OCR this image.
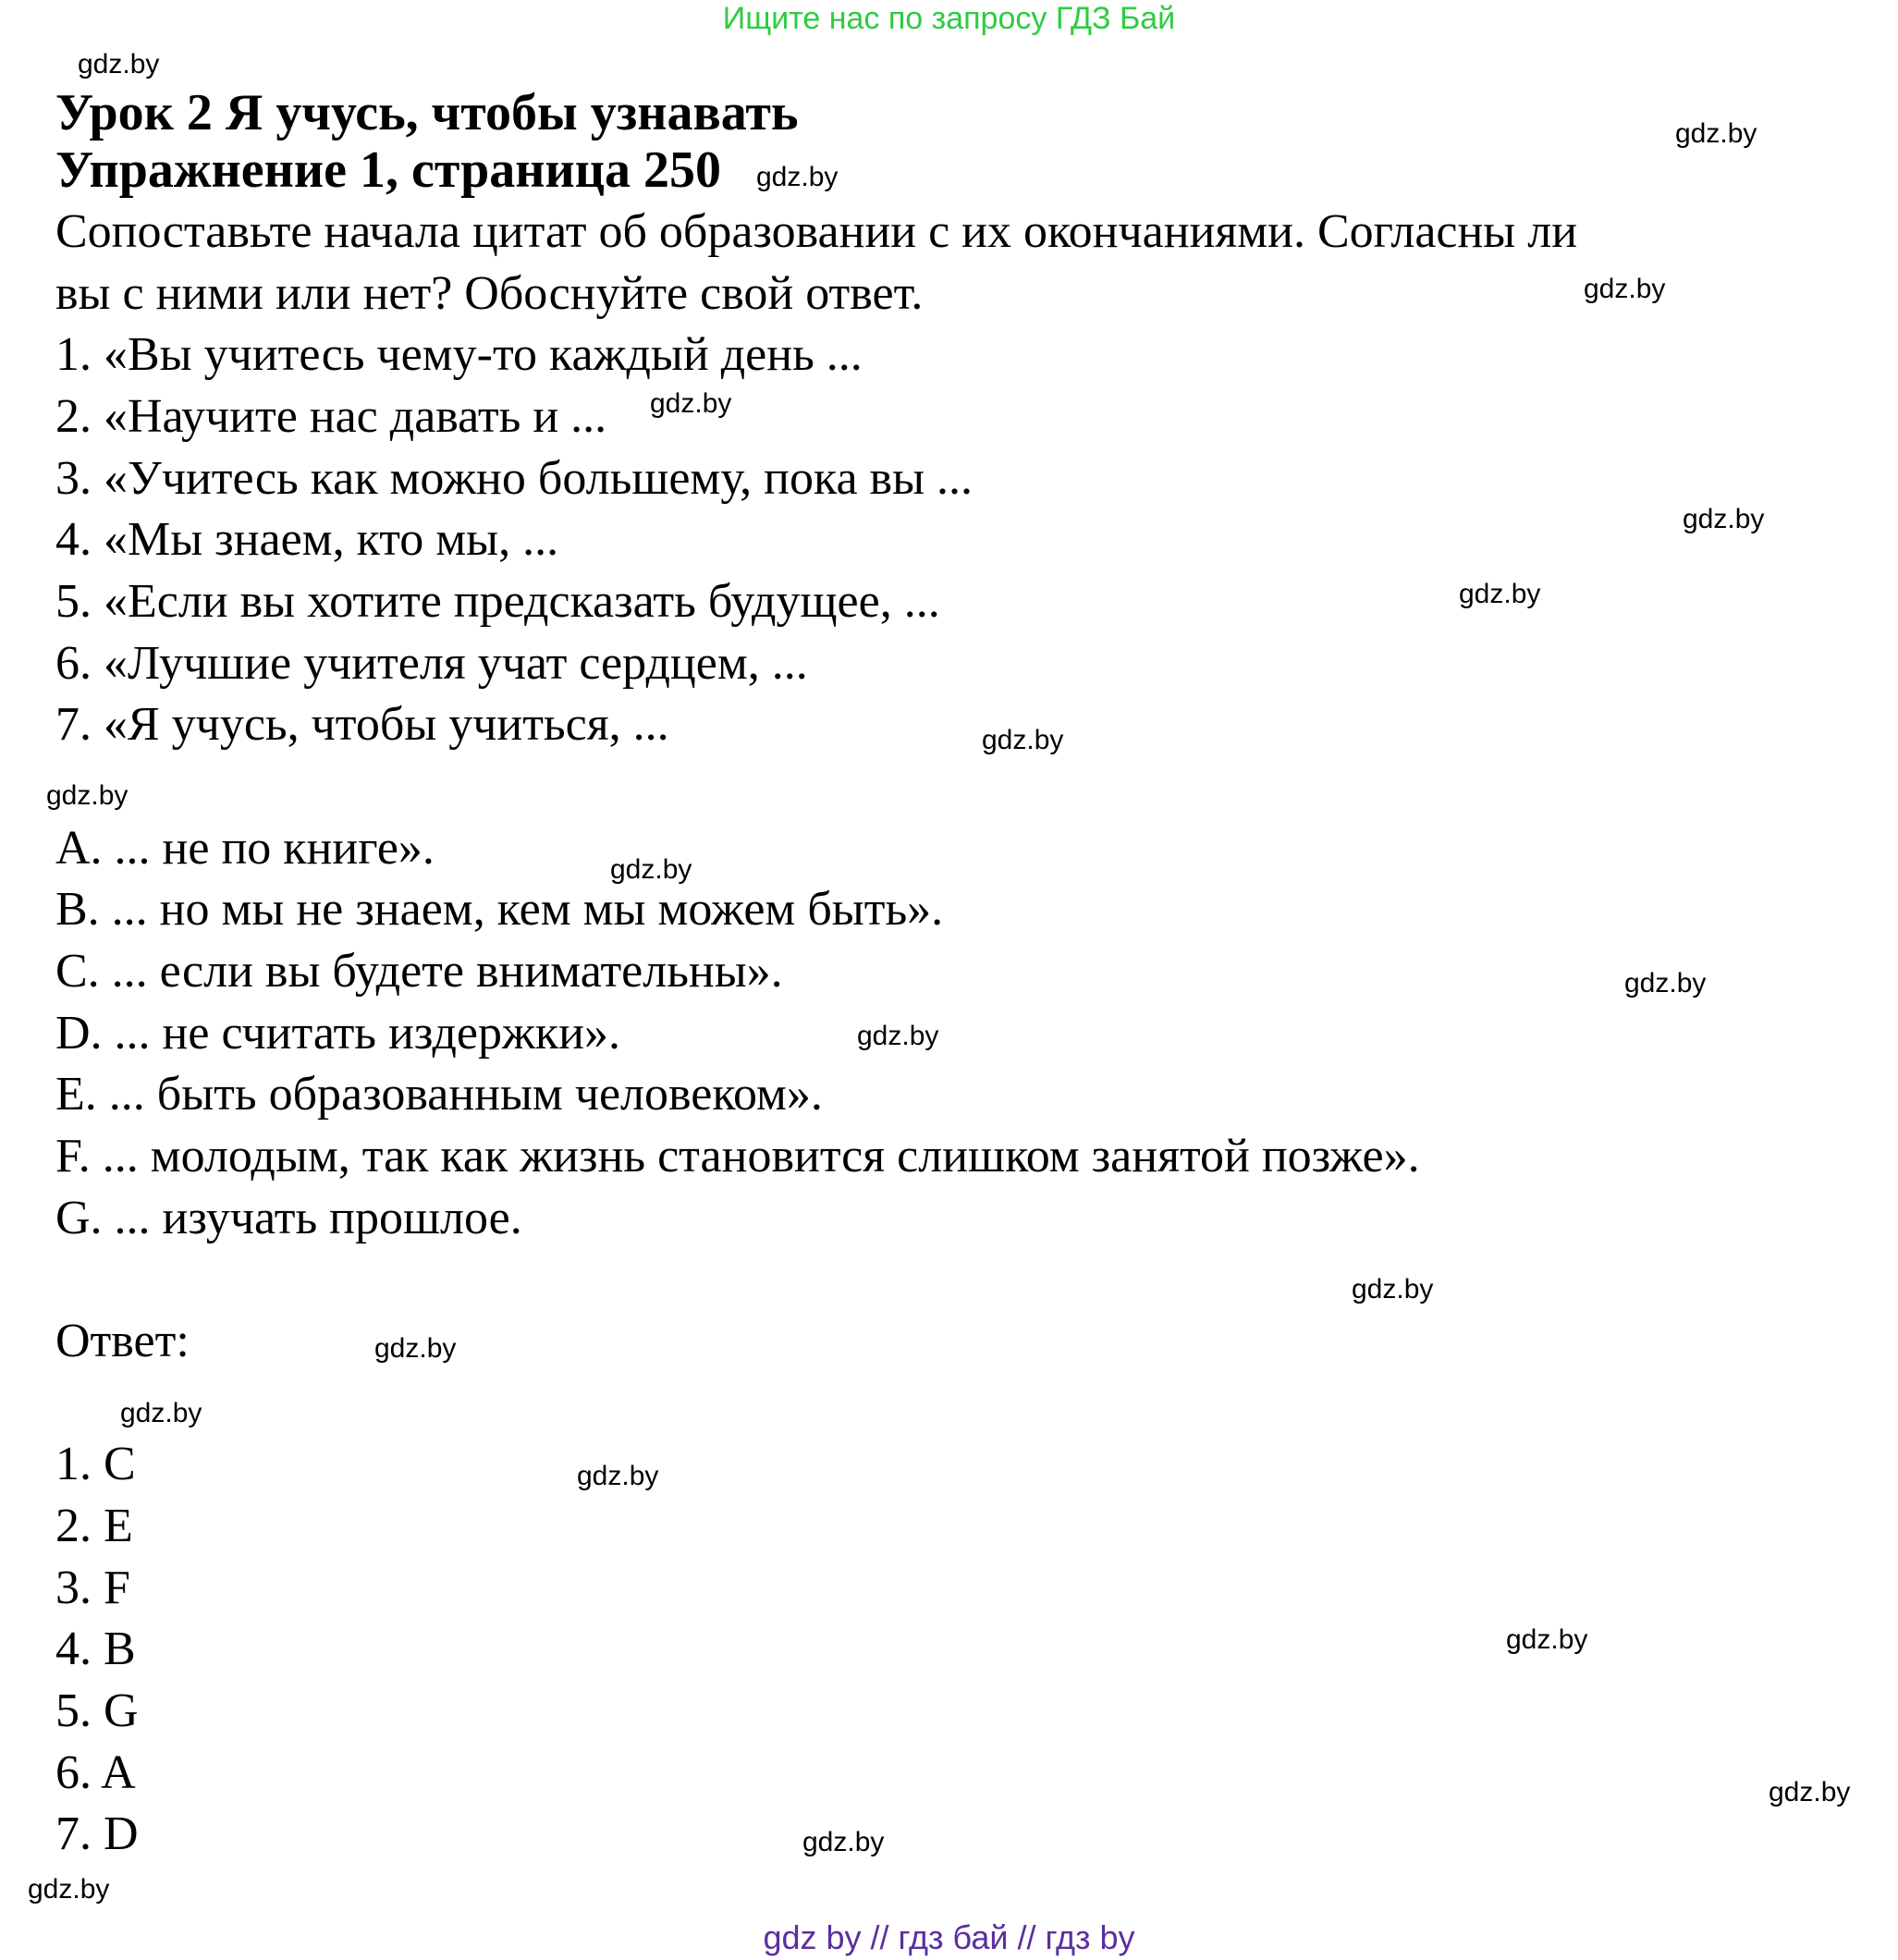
Ищите нас по запросу ГДЗ Бай
Урок 2 Я учусь, чтобы узнавать
Упражнение 1, страница 250
Сопоставьте начала цитат об образовании с их окончаниями. Согласны ли
вы с ними или нет? Обоснуйте свой ответ.
1. «Вы учитесь чему-то каждый день ...
2. «Научите нас давать и ...
3. «Учитесь как можно большему, пока вы ...
4. «Мы знаем, кто мы, ...
5. «Если вы хотите предсказать будущее, ...
6. «Лучшие учителя учат сердцем, ...
7. «Я учусь, чтобы учиться, ...
A. ... не по книге».
B. ... но мы не знаем, кем мы можем быть».
C. ... если вы будете внимательны».
D. ... не считать издержки».
E. ... быть образованным человеком».
F. ... молодым, так как жизнь становится слишком занятой позже».
G. ... изучать прошлое.
Ответ:
1. C
2. E
3. F
4. B
5. G
6. A
7. D
gdz.by
gdz.by
gdz.by
gdz.by
gdz.by
gdz.by
gdz.by
gdz.by
gdz.by
gdz.by
gdz.by
gdz.by
gdz.by
gdz.by
gdz.by
gdz.by
gdz.by
gdz.by
gdz.by
gdz.by
gdz by // гдз бай // гдз by
